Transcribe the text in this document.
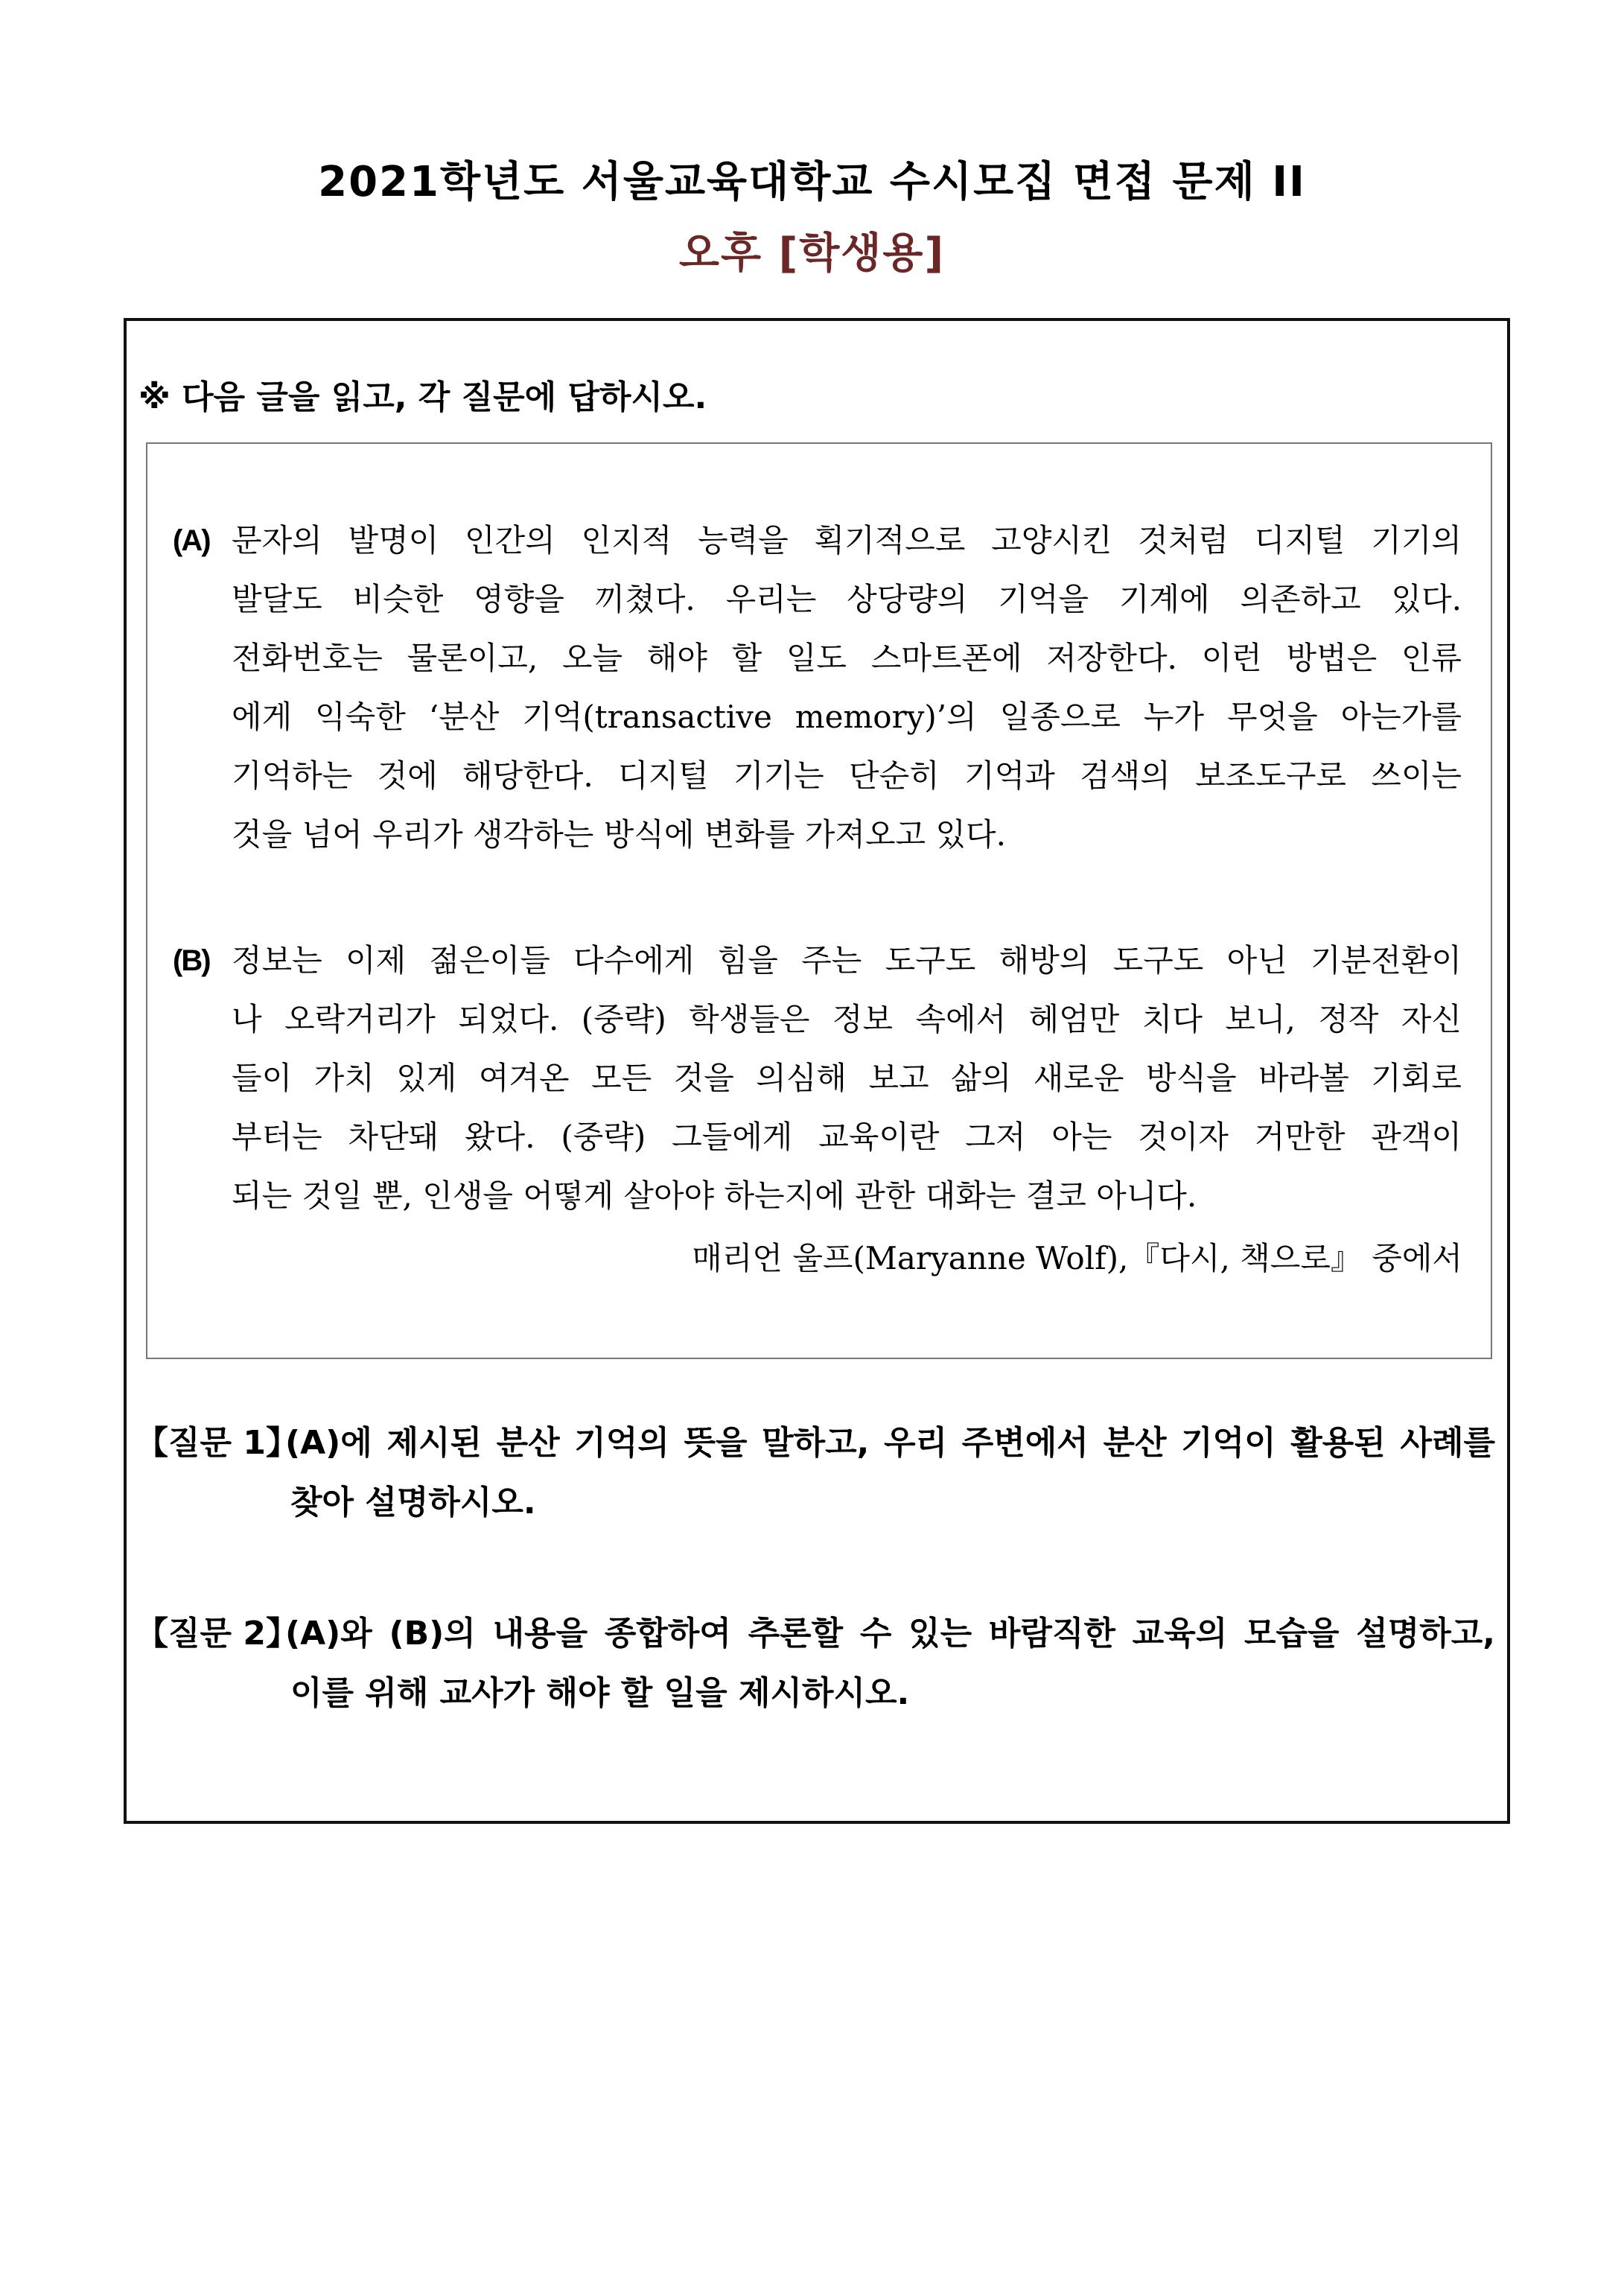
2021학년도 서울교육대학교 수시모집 면접 문제 II
오후 [학생용]
※ 다음 글을 읽고, 각 질문에 답하시오.
(A) 문자의 발명이 인간의 인지적 능력을 획기적으로 고양시킨 것처럼 디지털 기기의
발달도 비슷한 영향을 끼쳤다. 우리는 상당량의 기억을 기계에 의존하고 있다.
전화번호는 물론이고, 오늘 해야 할 일도 스마트폰에 저장한다. 이런 방법은 인류
에게 익숙한 ‘분산 기억(transactive memory)’의 일종으로 누가 무엇을 아는가를
기억하는 것에 해당한다. 디지털 기기는 단순히 기억과 검색의 보조도구로 쓰이는
것을 넘어 우리가 생각하는 방식에 변화를 가져오고 있다.
(B) 정보는 이제 젊은이들 다수에게 힘을 주는 도구도 해방의 도구도 아닌 기분전환이
나 오락거리가 되었다. (중략) 학생들은 정보 속에서 헤엄만 치다 보니, 정작 자신
들이 가치 있게 여겨온 모든 것을 의심해 보고 삶의 새로운 방식을 바라볼 기회로
부터는 차단돼 왔다. (중략) 그들에게 교육이란 그저 아는 것이자 거만한 관객이
되는 것일 뿐, 인생을 어떻게 살아야 하는지에 관한 대화는 결코 아니다.
매리언 울프(Maryanne Wolf),『다시, 책으로』 중에서
【질문 1】
(A)에 제시된 분산 기억의 뜻을 말하고, 우리 주변에서 분산 기억이 활용된 사례를
찾아 설명하시오.
【질문 2】
(A)와 (B)의 내용을 종합하여 추론할 수 있는 바람직한 교육의 모습을 설명하고,
이를 위해 교사가 해야 할 일을 제시하시오.
